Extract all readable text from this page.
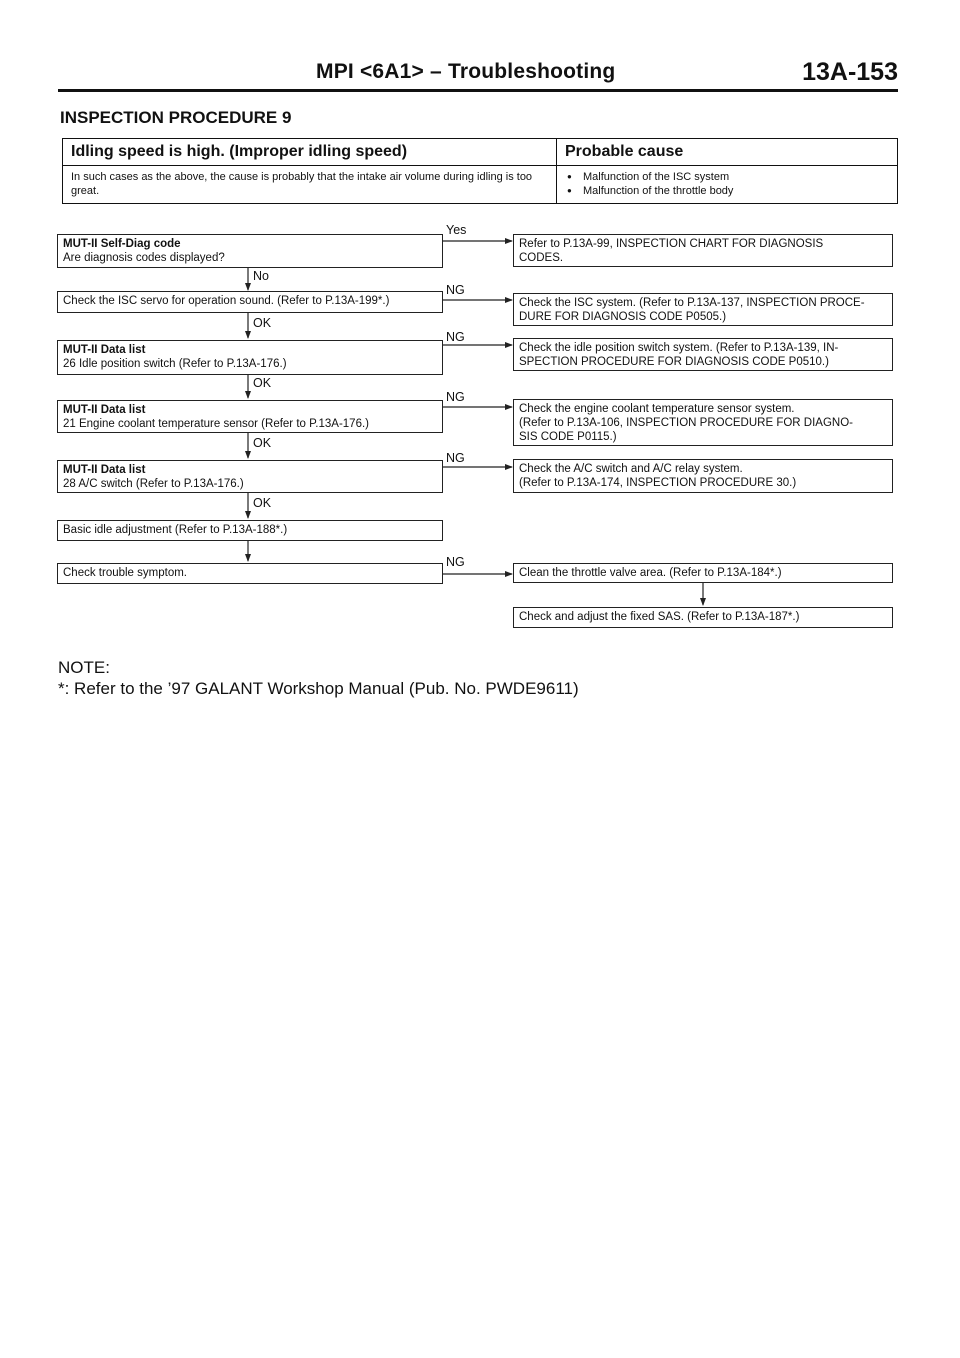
MPI <6A1> – Troubleshooting	13A-153
INSPECTION PROCEDURE 9
Idling speed is high. (Improper idling speed)
In such cases as the above, the cause is probably that the intake air volume during idling is too great.
Probable cause
● Malfunction of the ISC system
● Malfunction of the throttle body
MUT-II Self-Diag code
Are diagnosis codes displayed?
Check the ISC servo for operation sound. (Refer to P.13A-199*.)
MUT-II Data list
26 Idle position switch (Refer to P.13A-176.)
MUT-II Data list
21 Engine coolant temperature sensor (Refer to P.13A-176.)
MUT-II Data list
28 A/C switch (Refer to P.13A-176.)
Basic idle adjustment (Refer to P.13A-188*.)
Check trouble symptom.
No
OK
OK
OK
OK
Yes
NG
NG
NG
NG
NG
Refer to P.13A-99, INSPECTION CHART FOR DIAGNOSIS
CODES.
Check the ISC system. (Refer to P.13A-137, INSPECTION PROCE-
DURE FOR DIAGNOSIS CODE P0505.)
Check the idle position switch system. (Refer to P.13A-139, IN-
SPECTION PROCEDURE FOR DIAGNOSIS CODE P0510.)
Check the engine coolant temperature sensor system.
(Refer to P.13A-106, INSPECTION PROCEDURE FOR DIAGNO-
SIS CODE P0115.)
Check the A/C switch and A/C relay system.
(Refer to P.13A-174, INSPECTION PROCEDURE 30.)
Clean the throttle valve area. (Refer to P.13A-184*.)
Check and adjust the fixed SAS. (Refer to P.13A-187*.)
NOTE:
*: Refer to the ’97 GALANT Workshop Manual (Pub. No. PWDE9611)
